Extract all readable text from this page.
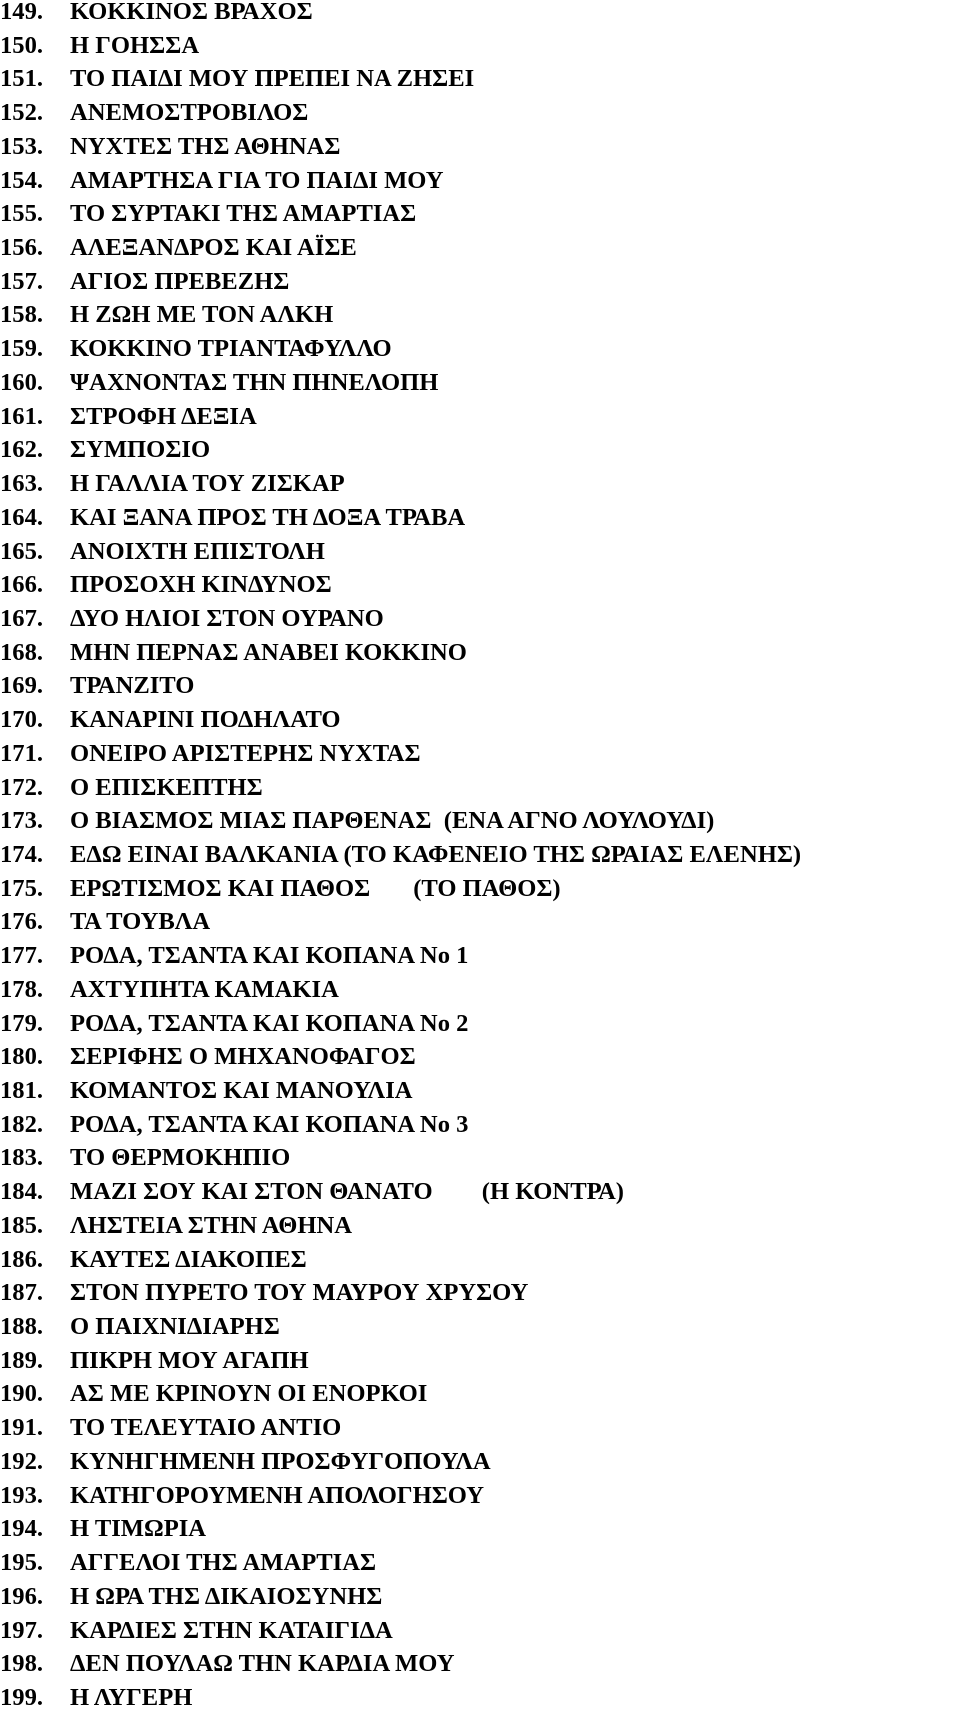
149. ΚΟΚΚΙΝΟΣ ΒΡΑΧΟΣ
150. Η ΓΟΗΣΣΑ
151. ΤΟ ΠΑΙΔΙ ΜΟΥ ΠΡΕΠΕΙ ΝΑ ΖΗΣΕΙ
152. ΑΝΕΜΟΣΤΡΟΒΙΛΟΣ
153. ΝΥΧΤΕΣ ΤΗΣ ΑΘΗΝΑΣ
154. ΑΜΑΡΤΗΣΑ ΓΙΑ ΤΟ ΠΑΙΔΙ ΜΟΥ
155. ΤΟ ΣΥΡΤΑΚΙ ΤΗΣ ΑΜΑΡΤΙΑΣ
156. ΑΛΕΞΑΝΔΡΟΣ ΚΑΙ ΑΪΣΕ
157. ΑΓΙΟΣ ΠΡΕΒΕΖΗΣ
158. Η ΖΩΗ ΜΕ ΤΟΝ ΑΛΚΗ
159. ΚΟΚΚΙΝΟ ΤΡΙΑΝΤΑΦΥΛΛΟ
160. ΨΑΧΝΟΝΤΑΣ ΤΗΝ ΠΗΝΕΛΟΠΗ
161. ΣΤΡΟΦΗ ΔΕΞΙΑ
162. ΣΥΜΠΟΣΙΟ
163. Η ΓΑΛΛΙΑ ΤΟΥ ΖΙΣΚΑΡ
164. ΚΑΙ ΞΑΝΑ ΠΡΟΣ ΤΗ ΔΟΞΑ ΤΡΑΒΑ
165. ΑΝΟΙΧΤΗ ΕΠΙΣΤΟΛΗ
166. ΠΡΟΣΟΧΗ ΚΙΝΔΥΝΟΣ
167. ΔΥΟ ΗΛΙΟΙ ΣΤΟΝ ΟΥΡΑΝΟ
168. ΜΗΝ ΠΕΡΝΑΣ ΑΝΑΒΕΙ ΚΟΚΚΙΝΟ
169. ΤΡΑΝΖΙΤΟ
170. ΚΑΝΑΡΙΝΙ ΠΟΔΗΛΑΤΟ
171. ΟΝΕΙΡΟ ΑΡΙΣΤΕΡΗΣ ΝΥΧΤΑΣ
172. Ο ΕΠΙΣΚΕΠΤΗΣ
173. Ο ΒΙΑΣΜΟΣ ΜΙΑΣ ΠΑΡΘΕΝΑΣ  (ΕΝΑ ΑΓΝΟ ΛΟΥΛΟΥΔΙ)
174. ΕΔΩ ΕΙΝΑΙ ΒΑΛΚΑΝΙΑ (ΤΟ ΚΑΦΕΝΕΙΟ ΤΗΣ ΩΡΑΙΑΣ ΕΛΕΝΗΣ)
175. ΕΡΩΤΙΣΜΟΣ ΚΑΙ ΠΑΘΟΣ       (ΤΟ ΠΑΘΟΣ)
176. ΤΑ ΤΟΥΒΛΑ
177. ΡΟΔΑ, ΤΣΑΝΤΑ ΚΑΙ ΚΟΠΑΝΑ Νο 1
178. ΑΧΤΥΠΗΤΑ ΚΑΜΑΚΙΑ
179. ΡΟΔΑ, ΤΣΑΝΤΑ ΚΑΙ ΚΟΠΑΝΑ Νο 2
180. ΣΕΡΙΦΗΣ Ο ΜΗΧΑΝΟΦΑΓΟΣ
181. ΚΟΜΑΝΤΟΣ ΚΑΙ ΜΑΝΟΥΛΙΑ
182. ΡΟΔΑ, ΤΣΑΝΤΑ ΚΑΙ ΚΟΠΑΝΑ Νο 3
183. ΤΟ ΘΕΡΜΟΚΗΠΙΟ
184. ΜΑΖΙ ΣΟΥ ΚΑΙ ΣΤΟΝ ΘΑΝΑΤΟ        (Η ΚΟΝΤΡΑ)
185. ΛΗΣΤΕΙΑ ΣΤΗΝ ΑΘΗΝΑ
186. ΚΑΥΤΕΣ ΔΙΑΚΟΠΕΣ
187. ΣΤΟΝ ΠΥΡΕΤΟ ΤΟΥ ΜΑΥΡΟΥ ΧΡΥΣΟΥ
188. Ο ΠΑΙΧΝΙΔΙΑΡΗΣ
189. ΠΙΚΡΗ ΜΟΥ ΑΓΑΠΗ
190. ΑΣ ΜΕ ΚΡΙΝΟΥΝ ΟΙ ΕΝΟΡΚΟΙ
191. ΤΟ ΤΕΛΕΥΤΑΙΟ ΑΝΤΙΟ
192. ΚΥΝΗΓΗΜΕΝΗ ΠΡΟΣΦΥΓΟΠΟΥΛΑ
193. ΚΑΤΗΓΟΡΟΥΜΕΝΗ ΑΠΟΛΟΓΗΣΟΥ
194. Η ΤΙΜΩΡΙΑ
195. ΑΓΓΕΛΟΙ ΤΗΣ ΑΜΑΡΤΙΑΣ
196. Η ΩΡΑ ΤΗΣ ΔΙΚΑΙΟΣΥΝΗΣ
197. ΚΑΡΔΙΕΣ ΣΤΗΝ ΚΑΤΑΙΓΙΔΑ
198. ΔΕΝ ΠΟΥΛΑΩ ΤΗΝ ΚΑΡΔΙΑ ΜΟΥ
199. Η ΛΥΓΕΡΗ
